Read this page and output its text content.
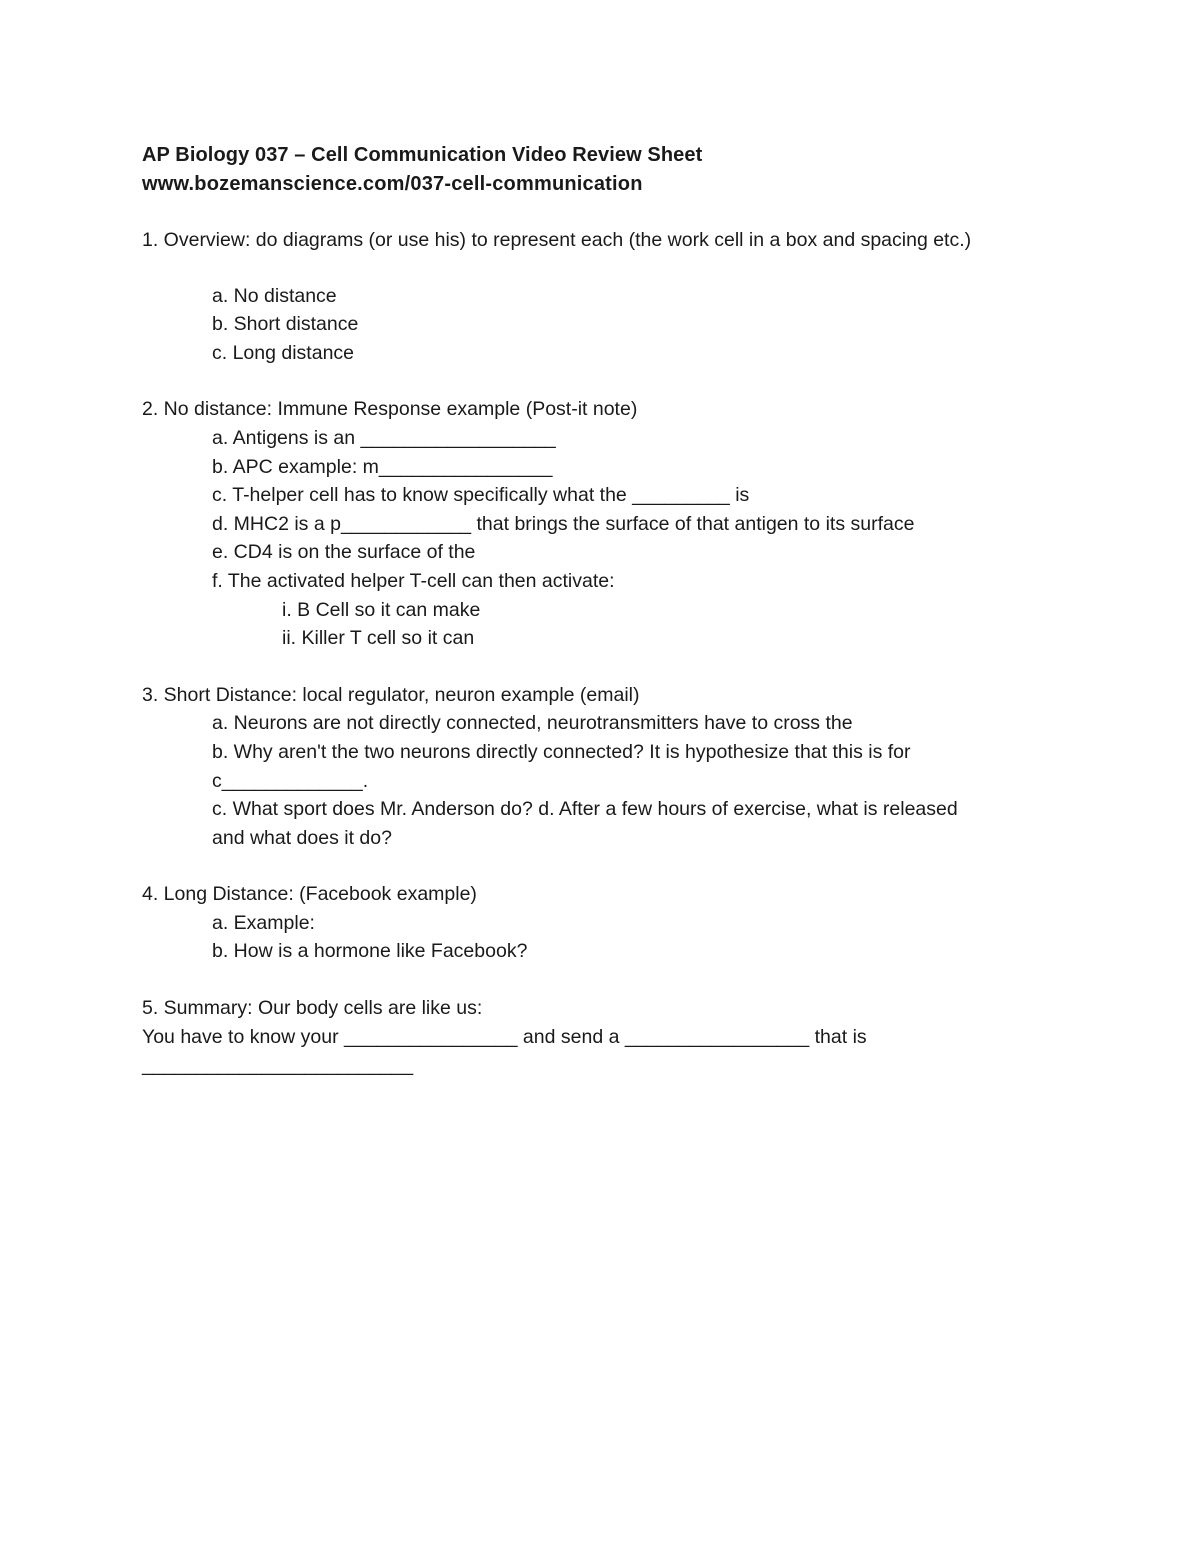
AP Biology 037 – Cell Communication Video Review Sheet

www.bozemanscience.com/037-cell-communication

1. Overview: do diagrams (or use his) to represent each (the work cell in a box and spacing etc.)

a. No distance

b. Short distance

c. Long distance

2. No distance: Immune Response example (Post-it note)

a. Antigens is an __________________

b. APC example: m________________

c. T-helper cell has to know specifically what the _________ is

d. MHC2 is a p____________ that brings the surface of that antigen to its surface

e. CD4 is on the surface of the

f. The activated helper T-cell can then activate:

i. B Cell so it can make

ii. Killer T cell so it can

3. Short Distance: local regulator, neuron example (email)

a. Neurons are not directly connected, neurotransmitters have to cross the

b. Why aren't the two neurons directly connected? It is hypothesize that this is for

c_____________.

c. What sport does Mr. Anderson do? d. After a few hours of exercise, what is released

and what does it do?

4. Long Distance: (Facebook example)

a. Example:

b. How is a hormone like Facebook?

5. Summary: Our body cells are like us:

You have to know your ________________ and send a _________________ that is

_________________________
